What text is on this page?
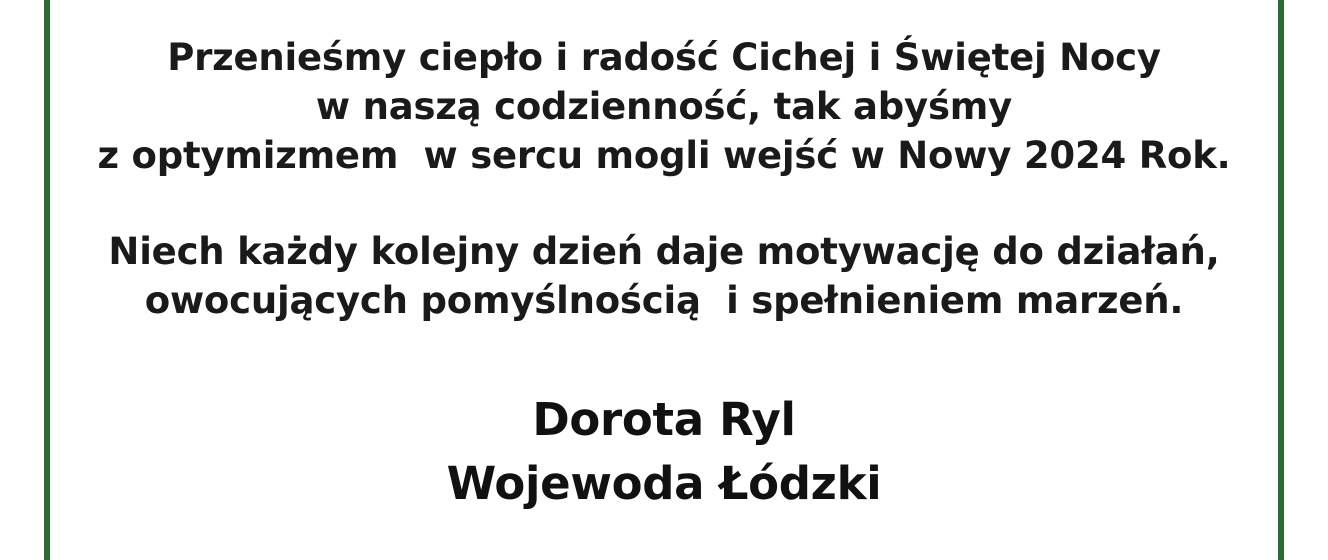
Przenieśmy ciepło i radość Cichej i Świętej Nocy
w naszą codzienność, tak abyśmy
z optymizmem  w sercu mogli wejść w Nowy 2024 Rok.
Niech każdy kolejny dzień daje motywację do działań,
owocujących pomyślnością  i spełnieniem marzeń.
Dorota Ryl
Wojewoda Łódzki
